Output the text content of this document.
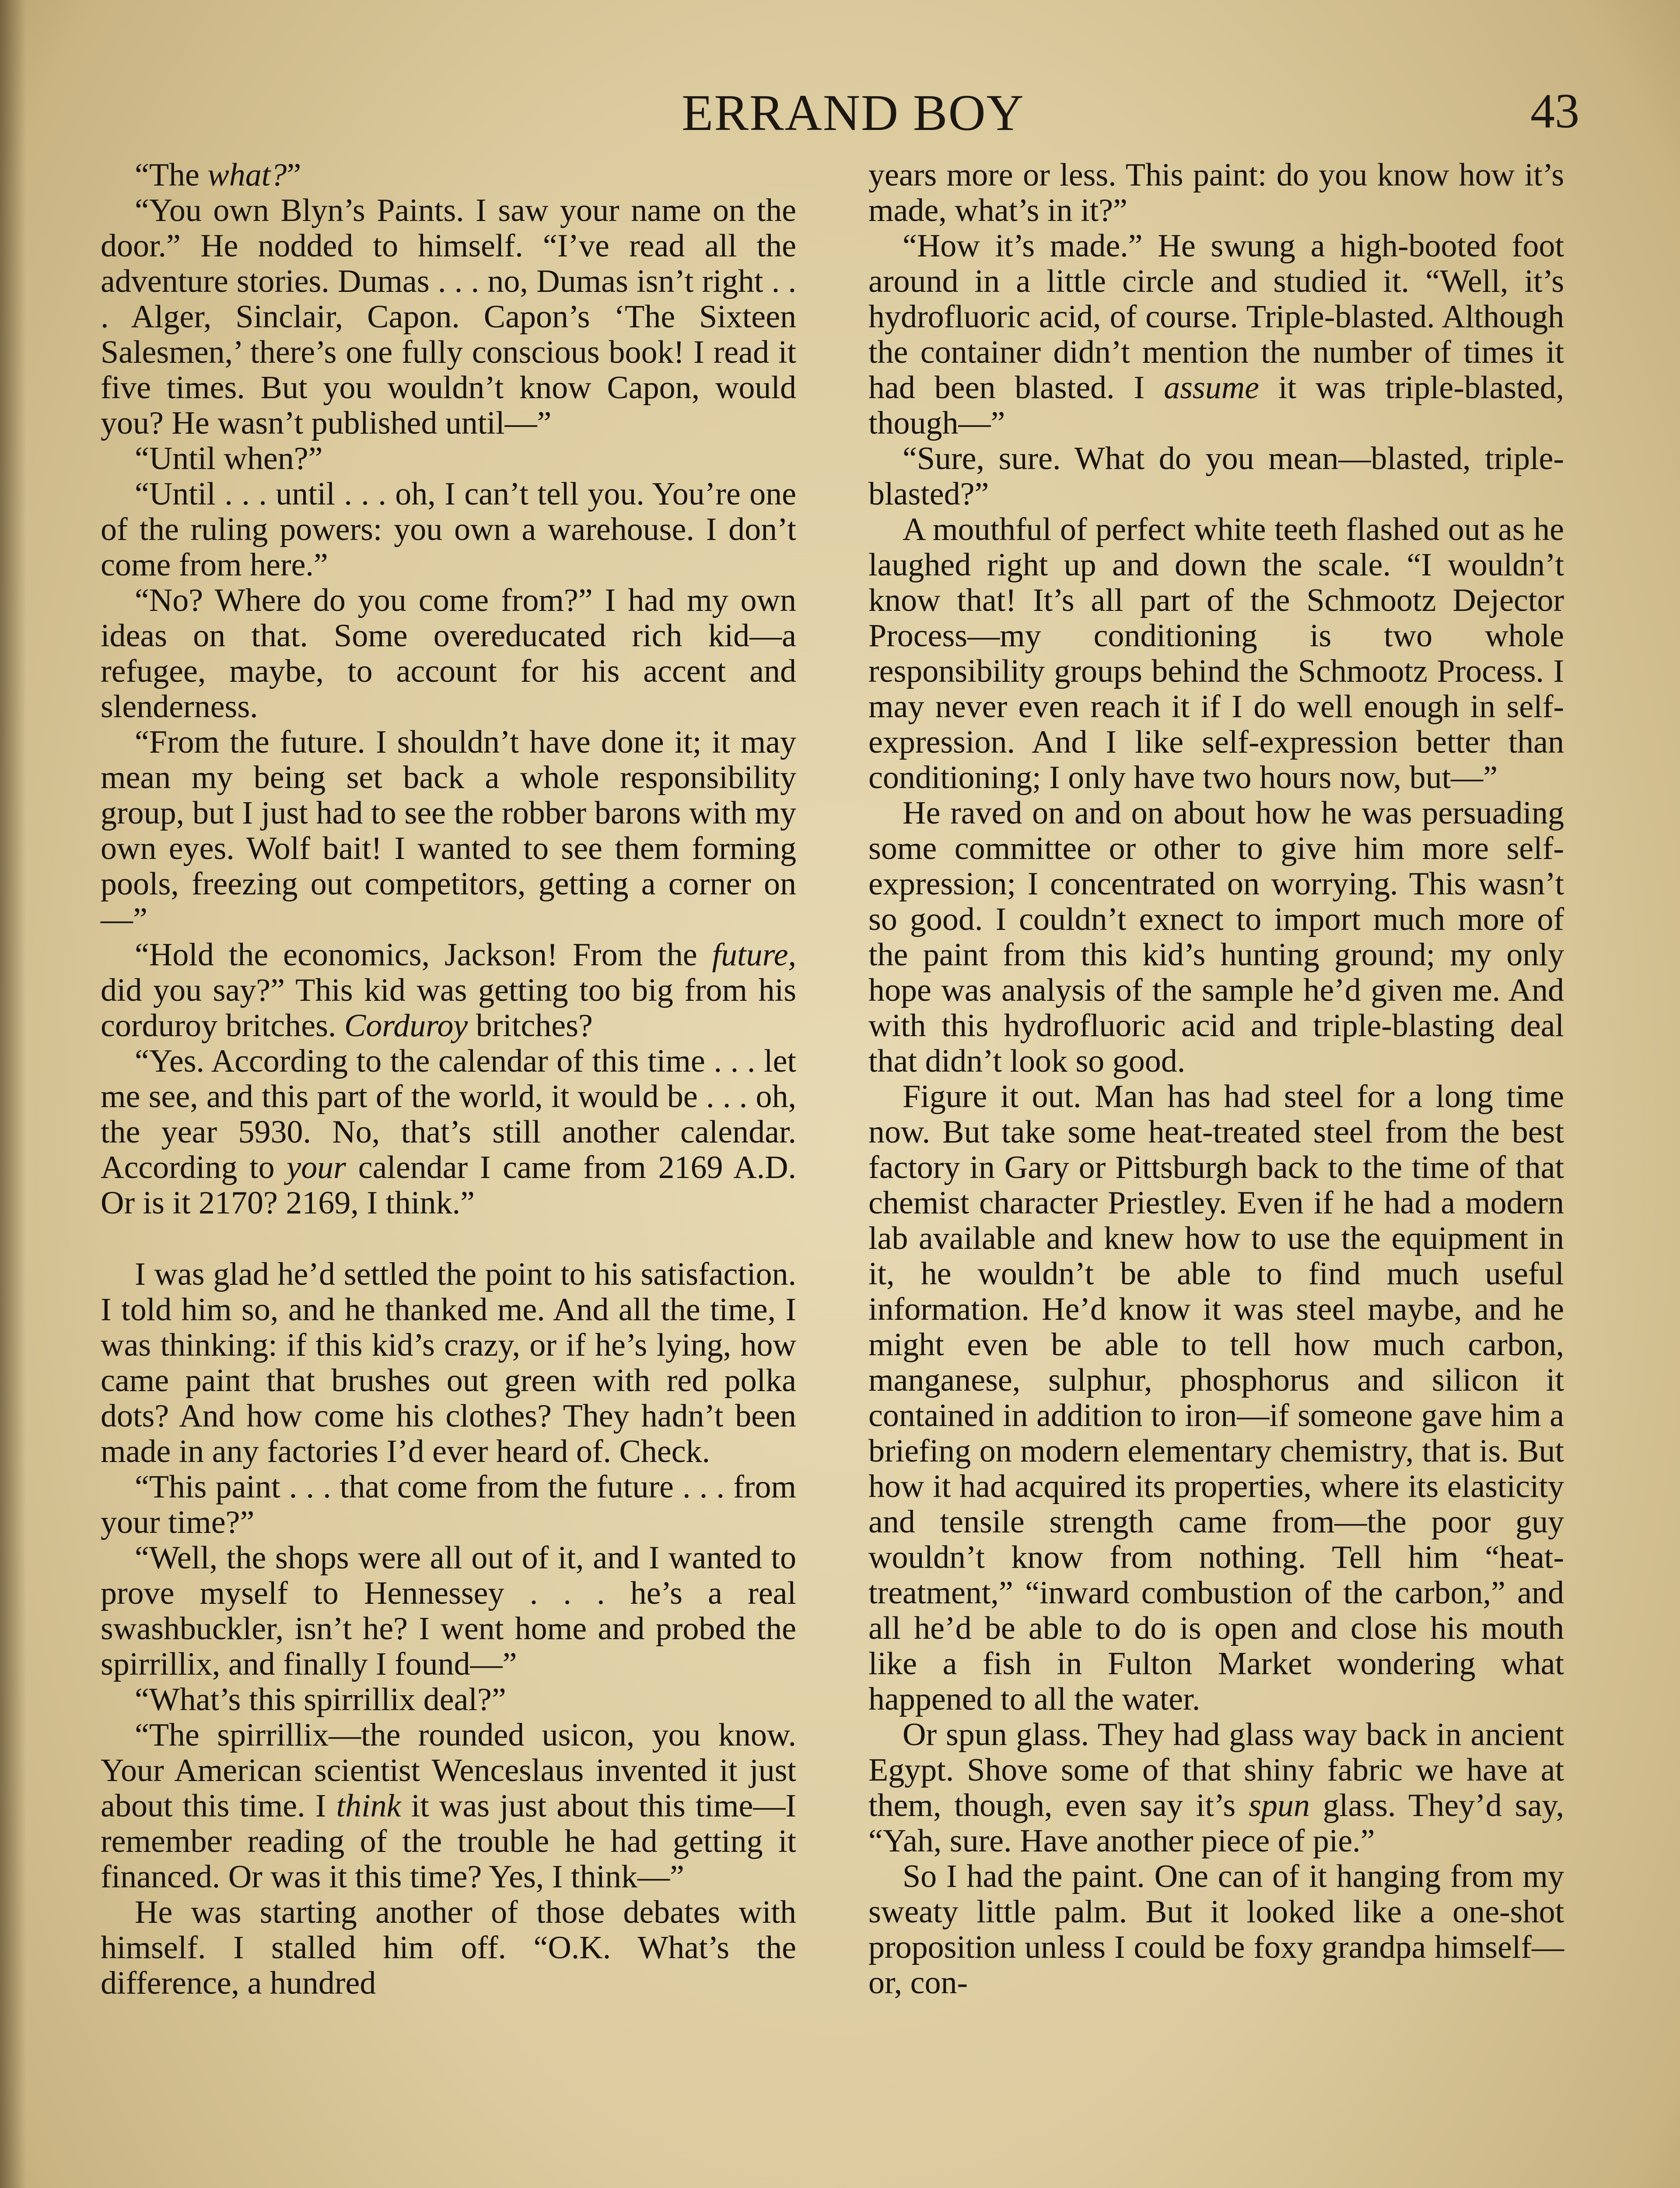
ERRAND BOY	43

“The what?”

“You own Blyn’s Paints. I saw your name on the door.” He nodded to himself. “I’ve read all the adventure stories. Dumas . . . no, Dumas isn’t right . . . Alger, Sinclair, Capon. Capon’s ‘The Sixteen Salesmen,’ there’s one fully conscious book! I read it five times. But you wouldn’t know Capon, would you? He wasn’t published until—”

“Until when?”

“Until . . . until . . . oh, I can’t tell you. You’re one of the ruling powers: you own a warehouse. I don’t come from here.”

“No? Where do you come from?” I had my own ideas on that. Some overeducated rich kid—a refugee, maybe, to account for his accent and slenderness.

“From the future. I shouldn’t have done it; it may mean my being set back a whole responsibility group, but I just had to see the robber barons with my own eyes. Wolf bait! I wanted to see them forming pools, freezing out competitors, getting a corner on—”

“Hold the economics, Jackson! From the future, did you say?” This kid was getting too big from his corduroy britches. Corduroy britches?

“Yes. According to the calendar of this time . . . let me see, and this part of the world, it would be . . . oh, the year 5930. No, that’s still another calendar. According to your calendar I came from 2169 A.D. Or is it 2170? 2169, I think.”

I was glad he’d settled the point to his satisfaction. I told him so, and he thanked me. And all the time, I was thinking: if this kid’s crazy, or if he’s lying, how came paint that brushes out green with red polka dots? And how come his clothes? They hadn’t been made in any factories I’d ever heard of. Check.

“This paint . . . that come from the future . . . from your time?”

“Well, the shops were all out of it, and I wanted to prove myself to Hennessey . . . he’s a real swashbuckler, isn’t he? I went home and probed the spirrillix, and finally I found—”

“What’s this spirrillix deal?”

“The spirrillix—the rounded usicon, you know. Your American scientist Wenceslaus invented it just about this time. I think it was just about this time—I remember reading of the trouble he had getting it financed. Or was it this time? Yes, I think—”

He was starting another of those debates with himself. I stalled him off. “O.K. What’s the difference, a hundred

years more or less. This paint: do you know how it’s made, what’s in it?”

“How it’s made.” He swung a high-booted foot around in a little circle and studied it. “Well, it’s hydrofluoric acid, of course. Triple-blasted. Although the container didn’t mention the number of times it had been blasted. I assume it was triple-blasted, though—”

“Sure, sure. What do you mean—blasted, triple-blasted?”

A mouthful of perfect white teeth flashed out as he laughed right up and down the scale. “I wouldn’t know that! It’s all part of the Schmootz Dejector Process—my conditioning is two whole responsibility groups behind the Schmootz Process. I may never even reach it if I do well enough in self-expression. And I like self-expression better than conditioning; I only have two hours now, but—”

He raved on and on about how he was persuading some committee or other to give him more self-expression; I concentrated on worrying. This wasn’t so good. I couldn’t exnect to import much more of the paint from this kid’s hunting ground; my only hope was analysis of the sample he’d given me. And with this hydrofluoric acid and triple-blasting deal that didn’t look so good.

Figure it out. Man has had steel for a long time now. But take some heat-treated steel from the best factory in Gary or Pittsburgh back to the time of that chemist character Priestley. Even if he had a modern lab available and knew how to use the equipment in it, he wouldn’t be able to find much useful information. He’d know it was steel maybe, and he might even be able to tell how much carbon, manganese, sulphur, phosphorus and silicon it contained in addition to iron—if someone gave him a briefing on modern elementary chemistry, that is. But how it had acquired its properties, where its elasticity and tensile strength came from—the poor guy wouldn’t know from nothing. Tell him “heat-treatment,” “inward combustion of the carbon,” and all he’d be able to do is open and close his mouth like a fish in Fulton Market wondering what happened to all the water.

Or spun glass. They had glass way back in ancient Egypt. Shove some of that shiny fabric we have at them, though, even say it’s spun glass. They’d say, “Yah, sure. Have another piece of pie.”

So I had the paint. One can of it hanging from my sweaty little palm. But it looked like a one-shot proposition unless I could be foxy grandpa himself—or, con-
